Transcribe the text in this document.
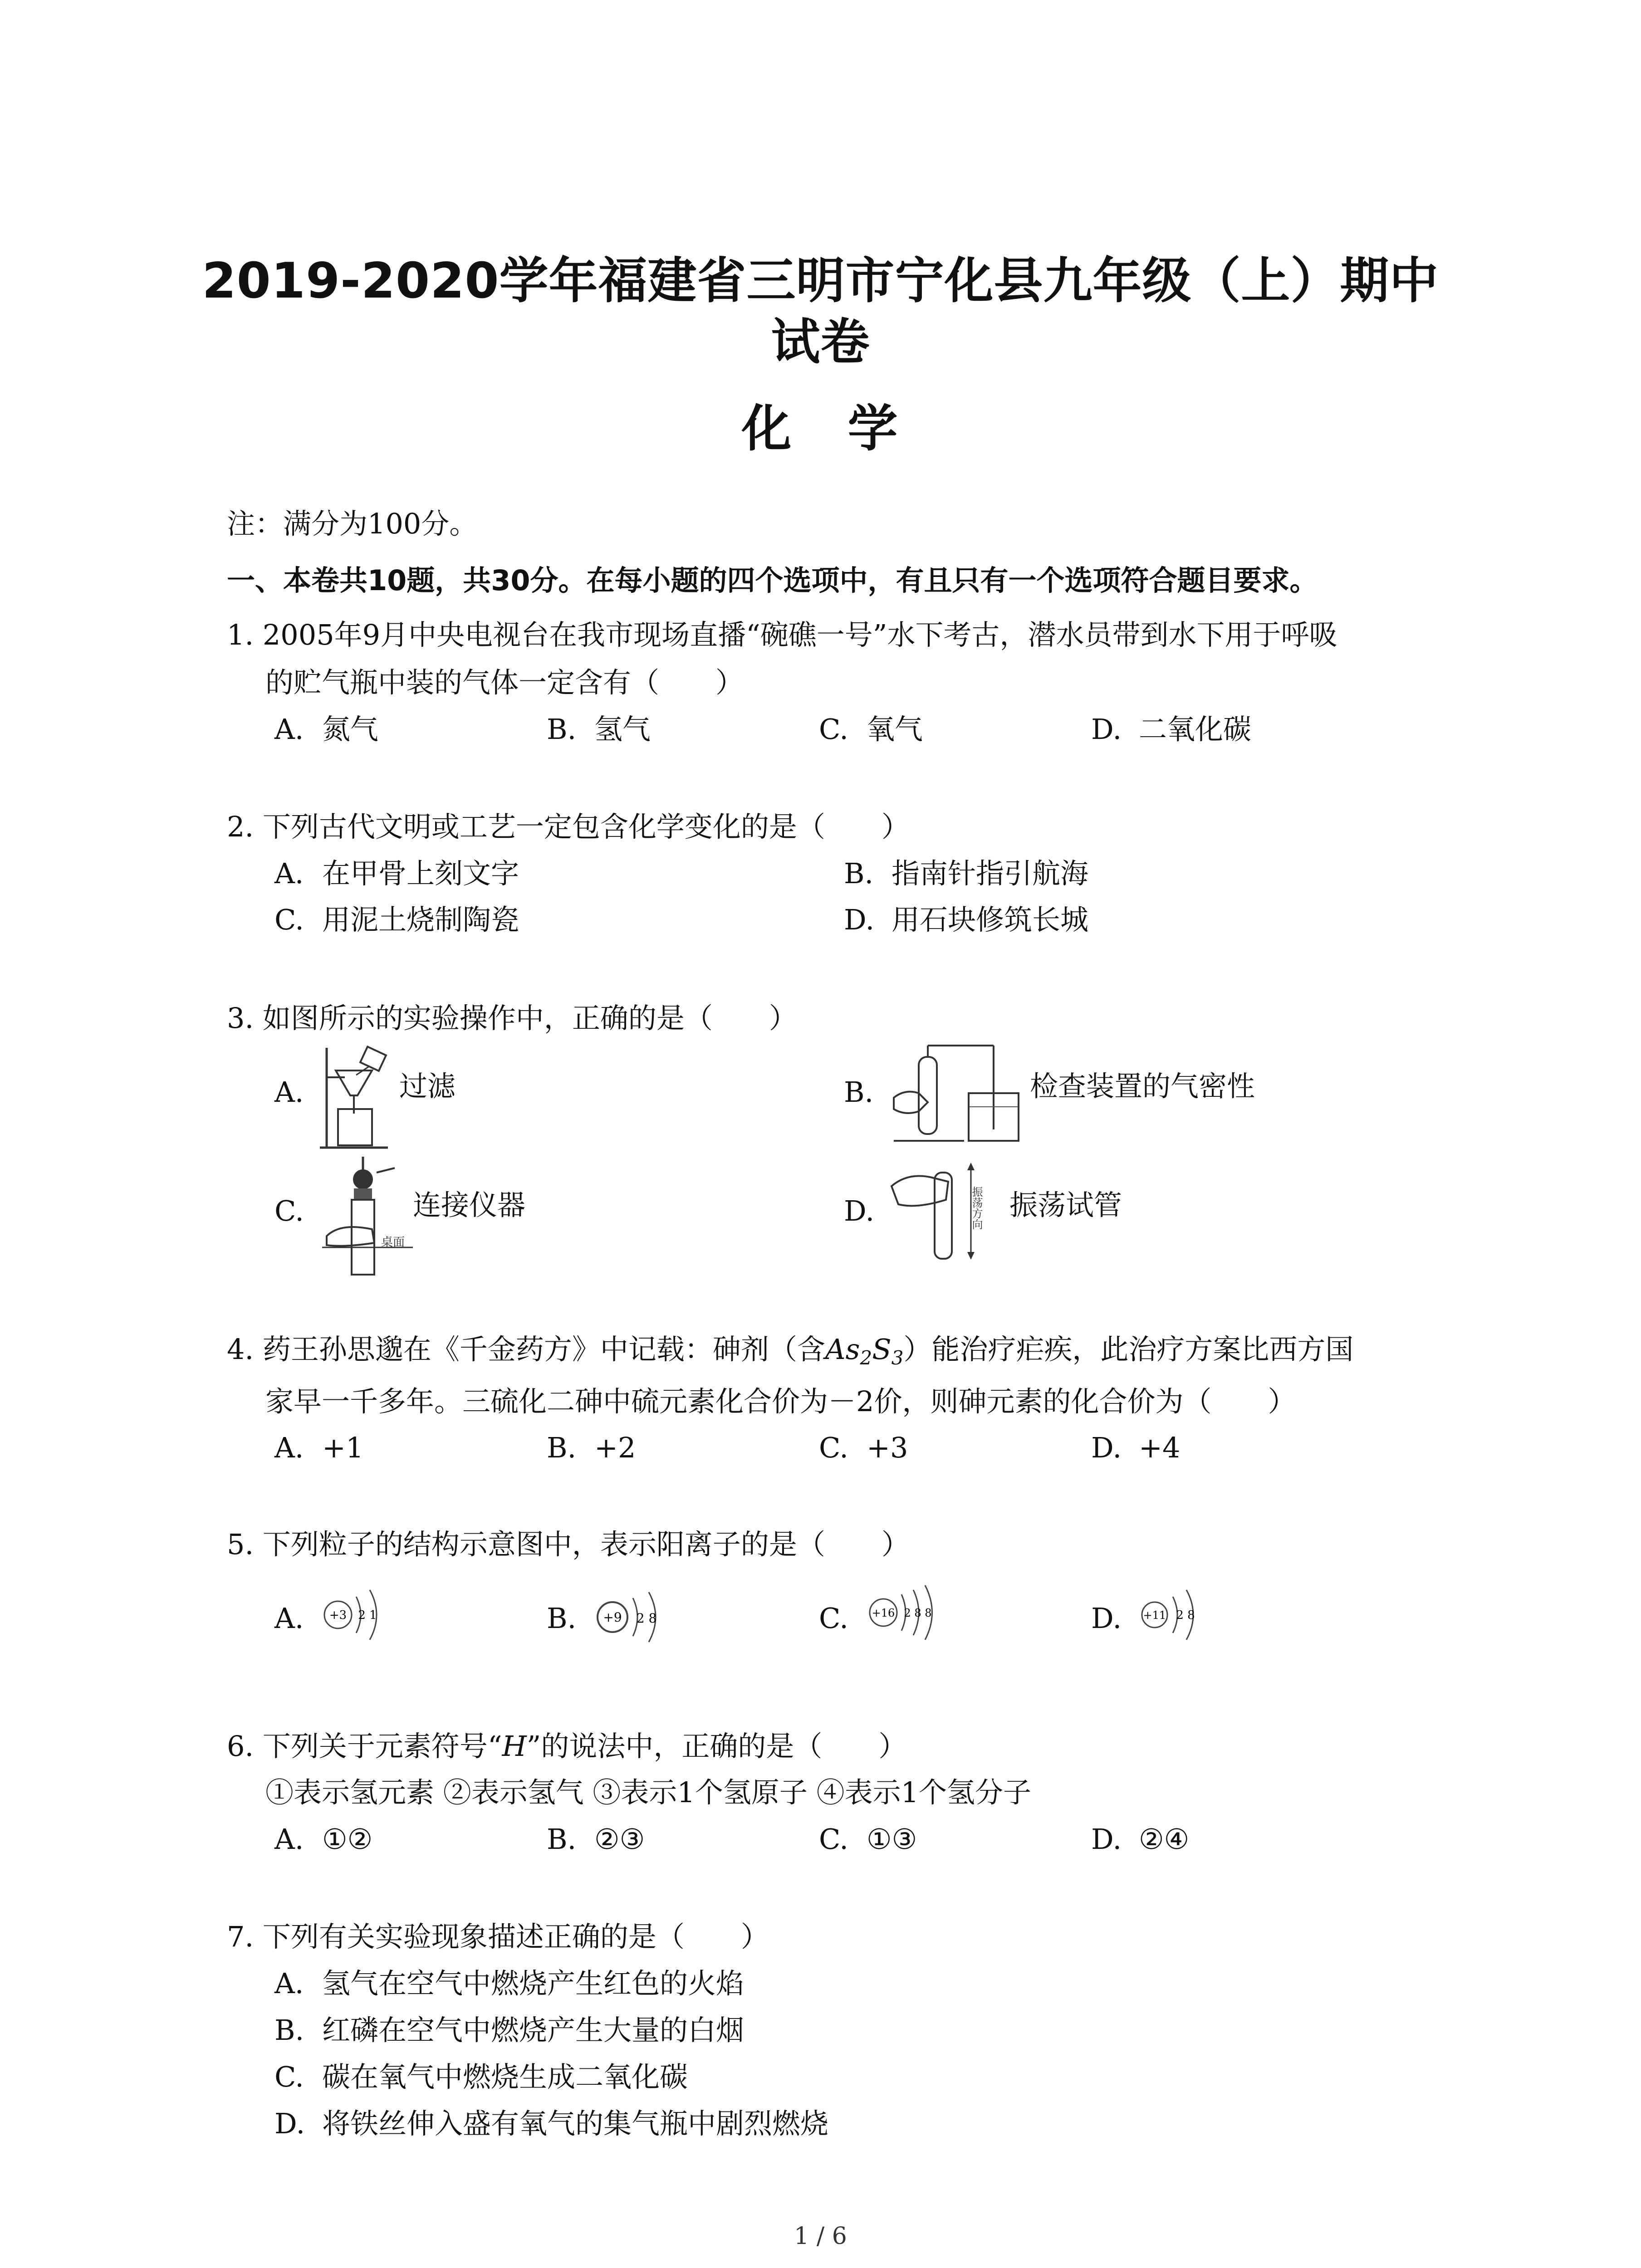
2019-2020学年福建省三明市宁化县九年级（上）期中
试卷
化 学
注：满分为100分。
一、本卷共10题，共30分。在每小题的四个选项中，有且只有一个选项符合题目要求。
1. 2005年9月中央电视台在我市现场直播“碗礁一号”水下考古，潜水员带到水下用于呼吸
的贮气瓶中装的气体一定含有（　　）
A. 氮气	B. 氢气	C. 氧气	D. 二氧化碳
2. 下列古代文明或工艺一定包含化学变化的是（　　）
A. 在甲骨上刻文字	B. 指南针指引航海
C. 用泥土烧制陶瓷	D. 用石块修筑长城
3. 如图所示的实验操作中，正确的是（　　）
A.	过滤	B.	检查装置的气密性
C.
桌面
连接仪器	D.	振荡方向 振荡试管
4. 药王孙思邈在《千金药方》中记载：砷剂（含$As_2S_3$）能治疗疟疾，此治疗方案比西方国
家早一千多年。三硫化二砷中硫元素化合价为－2价，则砷元素的化合价为（　　）
A. +1	B. +2	C. +3	D. +4
5. 下列粒子的结构示意图中，表示阳离子的是（　　）
A. +3 2 1	B. +9 2 8	C. +16 2 8 8	D. +11 2 8
6. 下列关于元素符号“H”的说法中，正确的是（　　）
①表示氢元素 ②表示氢气 ③表示1个氢原子 ④表示1个氢分子
A. ①②	B. ②③	C. ①③	D. ②④
7. 下列有关实验现象描述正确的是（　　）
A. 氢气在空气中燃烧产生红色的火焰
B. 红磷在空气中燃烧产生大量的白烟
C. 碳在氧气中燃烧生成二氧化碳
D. 将铁丝伸入盛有氧气的集气瓶中剧烈燃烧
1 / 6
